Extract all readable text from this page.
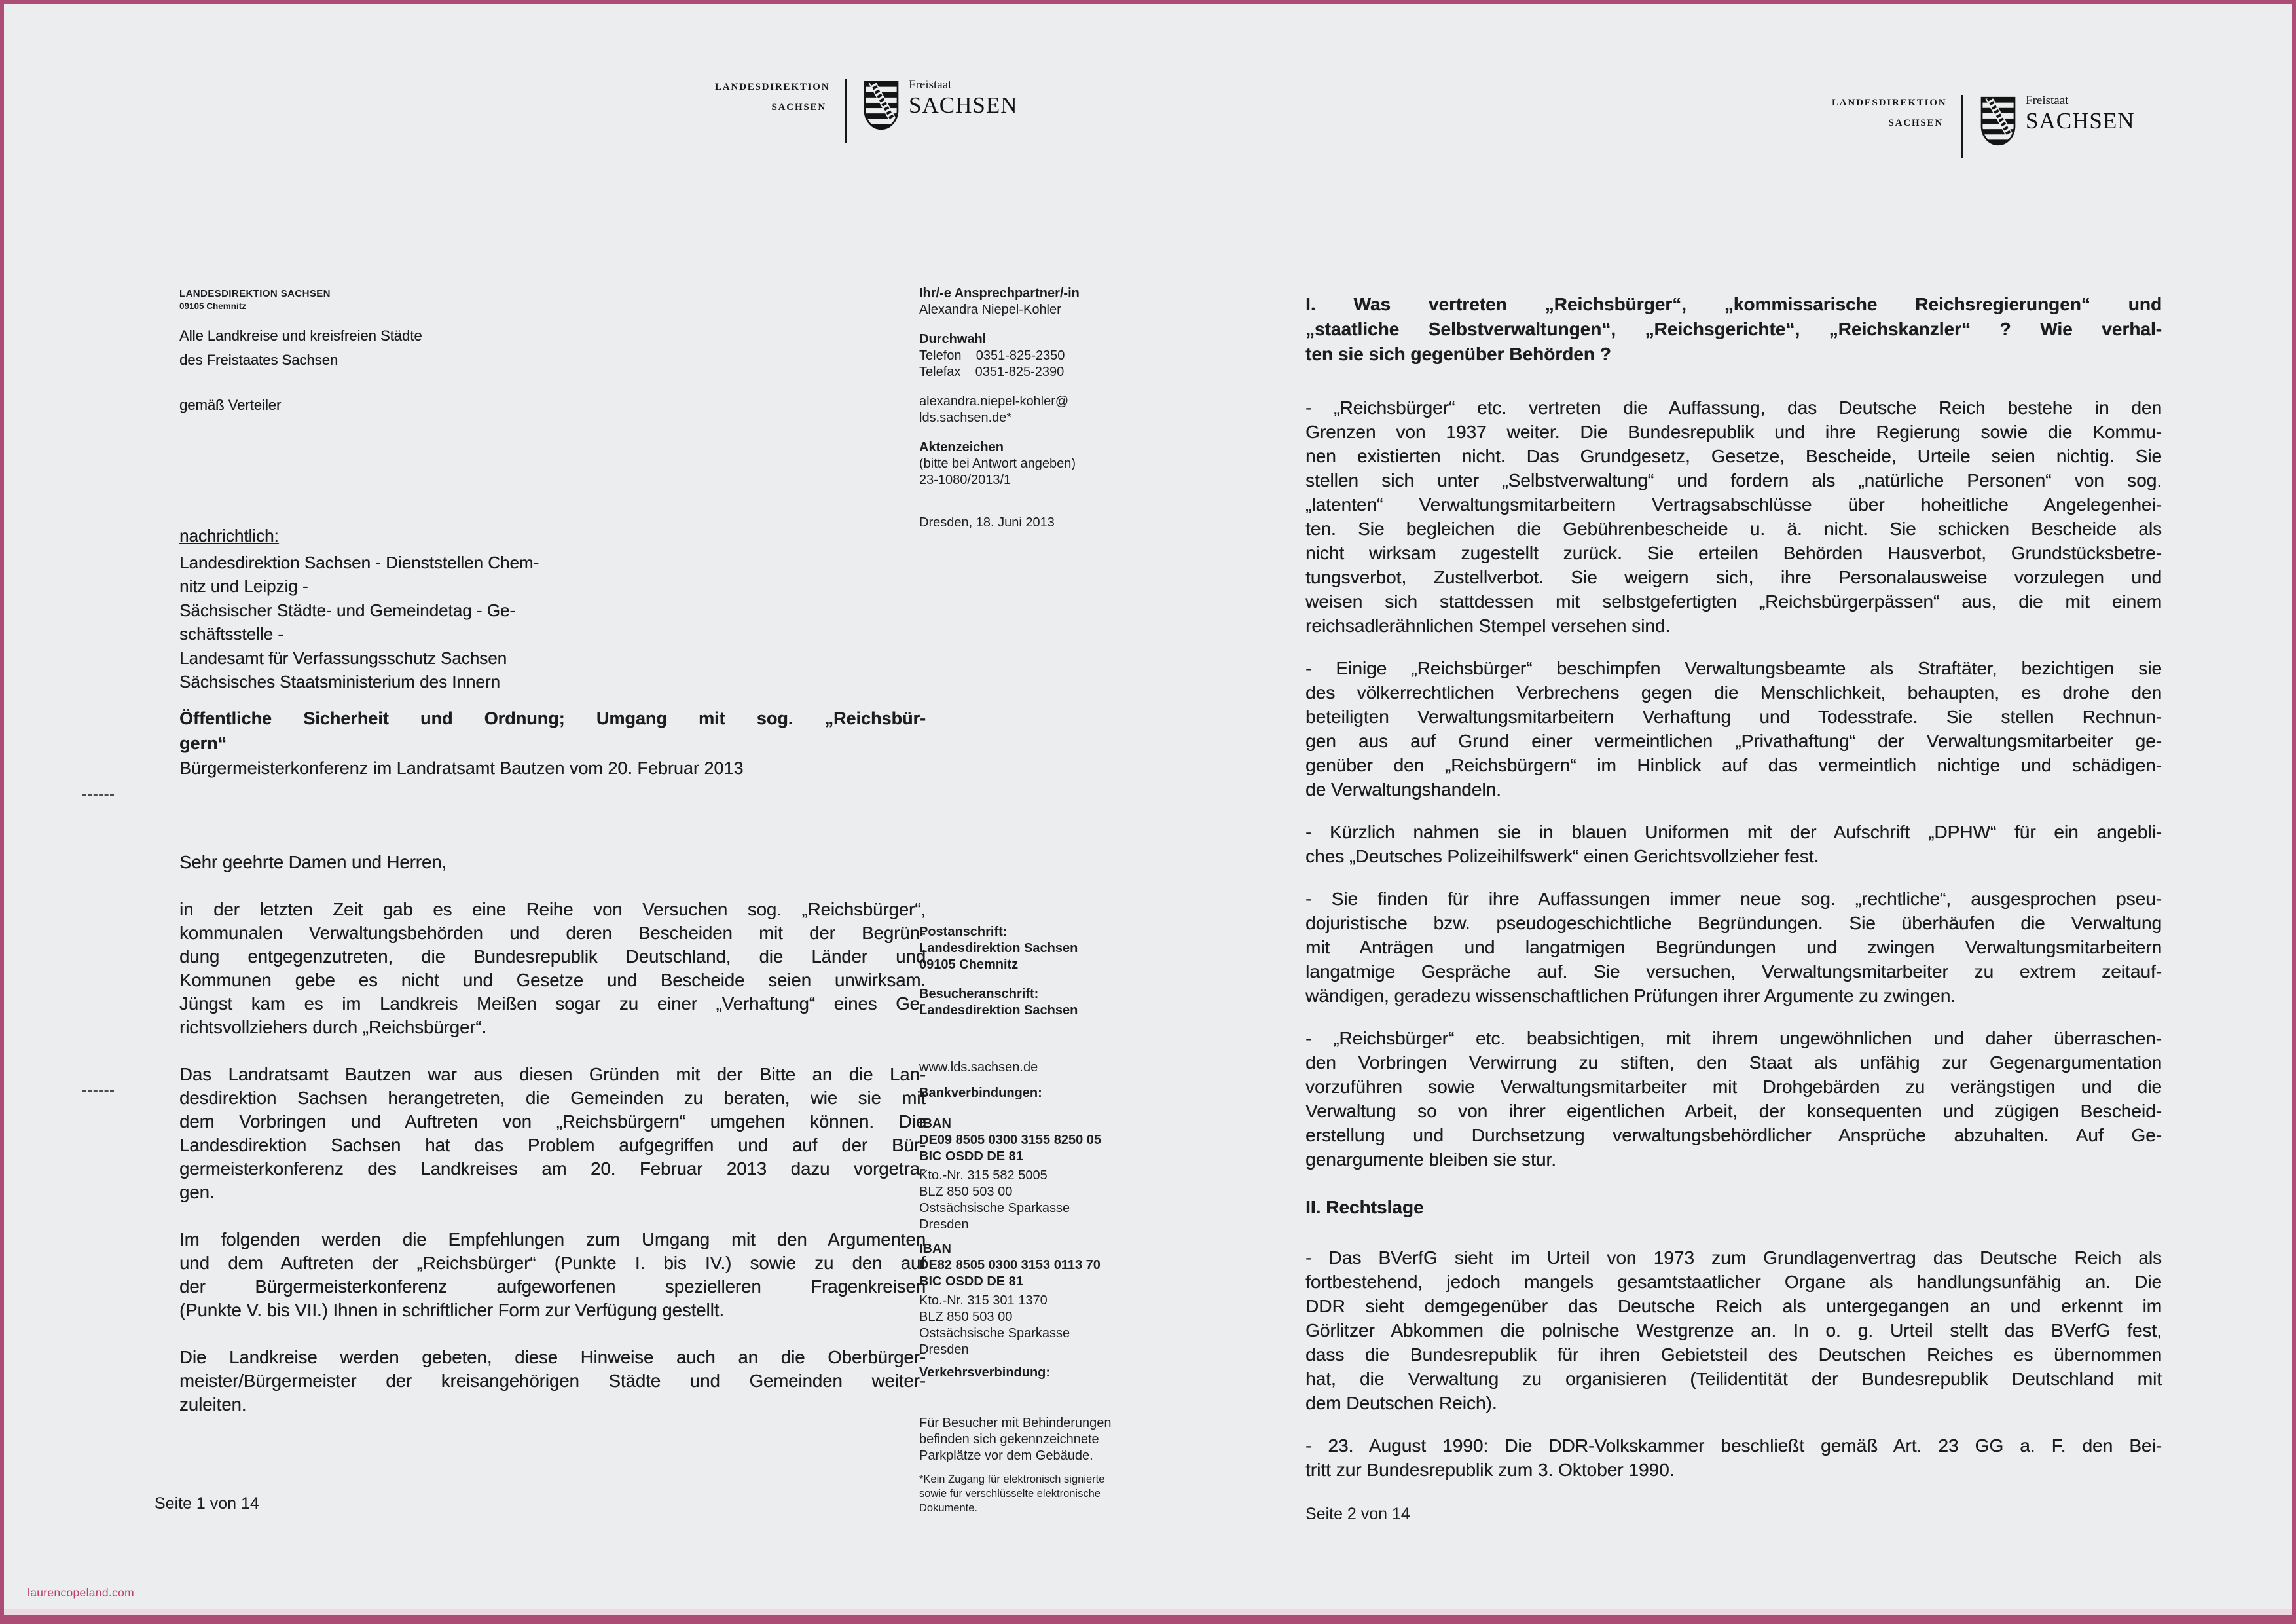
LANDESDIREKTION
SACHSEN
Freistaat
SACHSEN	LANDESDIREKTION
SACHSEN
Freistaat
SACHSEN
LANDESDIREKTION SACHSEN
09105 Chemnitz
Alle Landkreise und kreisfreien Städte
des Freistaates Sachsen
gemäß Verteiler
nachrichtlich:
Landesdirektion Sachsen - Dienststellen Chem-
nitz und Leipzig -
Sächsischer Städte- und Gemeindetag - Ge-
schäftsstelle -
Landesamt für Verfassungsschutz Sachsen
Sächsisches Staatsministerium des Innern
Öffentliche Sicherheit und Ordnung; Umgang mit sog. „Reichsbür-
gern“
Bürgermeisterkonferenz im Landratsamt Bautzen vom 20. Februar 2013
Sehr geehrte Damen und Herren,
in der letzten Zeit gab es eine Reihe von Versuchen sog. „Reichsbürger“,
kommunalen Verwaltungsbehörden und deren Bescheiden mit der Begrün-
dung entgegenzutreten, die Bundesrepublik Deutschland, die Länder und
Kommunen gebe es nicht und Gesetze und Bescheide seien unwirksam.
Jüngst kam es im Landkreis Meißen sogar zu einer „Verhaftung“ eines Ge-
richtsvollziehers durch „Reichsbürger“.
Das Landratsamt Bautzen war aus diesen Gründen mit der Bitte an die Lan-
desdirektion Sachsen herangetreten, die Gemeinden zu beraten, wie sie mit
dem Vorbringen und Auftreten von „Reichsbürgern“ umgehen können. Die
Landesdirektion Sachsen hat das Problem aufgegriffen und auf der Bür-
germeisterkonferenz des Landkreises am 20. Februar 2013 dazu vorgetra-
gen.
Im folgenden werden die Empfehlungen zum Umgang mit den Argumenten
und dem Auftreten der „Reichsbürger“ (Punkte I. bis IV.) sowie zu den auf
der Bürgermeisterkonferenz aufgeworfenen spezielleren Fragenkreisen
(Punkte V. bis VII.) Ihnen in schriftlicher Form zur Verfügung gestellt.
Die Landkreise werden gebeten, diese Hinweise auch an die Oberbürger-
meister/Bürgermeister der kreisangehörigen Städte und Gemeinden weiter-
zuleiten.
Seite 1 von 14
Ihr/-e Ansprechpartner/-in
Alexandra Niepel-Kohler
Durchwahl
Telefon    0351-825-2350
Telefax    0351-825-2390
alexandra.niepel-kohler@
lds.sachsen.de*
Aktenzeichen
(bitte bei Antwort angeben)
23-1080/2013/1
Dresden, 18. Juni 2013
Postanschrift:
Landesdirektion Sachsen
09105 Chemnitz
Besucheranschrift:
Landesdirektion Sachsen
www.lds.sachsen.de
Bankverbindungen:
IBAN
DE09 8505 0300 3155 8250 05
BIC OSDD DE 81
Kto.-Nr. 315 582 5005
BLZ 850 503 00
Ostsächsische Sparkasse
Dresden
IBAN
DE82 8505 0300 3153 0113 70
BIC OSDD DE 81
Kto.-Nr. 315 301 1370
BLZ 850 503 00
Ostsächsische Sparkasse
Dresden
Verkehrsverbindung:
Für Besucher mit Behinderungen
befinden sich gekennzeichnete
Parkplätze vor dem Gebäude.
*Kein Zugang für elektronisch signierte
sowie für verschlüsselte elektronische
Dokumente.
I. Was vertreten „Reichsbürger“, „kommissarische Reichsregierungen“ und
„staatliche Selbstverwaltungen“, „Reichsgerichte“, „Reichskanzler“ ? Wie verhal-
ten sie sich gegenüber Behörden ?
- „Reichsbürger“ etc. vertreten die Auffassung, das Deutsche Reich bestehe in den
Grenzen von 1937 weiter. Die Bundesrepublik und ihre Regierung sowie die Kommu-
nen existierten nicht. Das Grundgesetz, Gesetze, Bescheide, Urteile seien nichtig. Sie
stellen sich unter „Selbstverwaltung“ und fordern als „natürliche Personen“ von sog.
„latenten“ Verwaltungsmitarbeitern Vertragsabschlüsse über hoheitliche Angelegenhei-
ten. Sie begleichen die Gebührenbescheide u. ä. nicht. Sie schicken Bescheide als
nicht wirksam zugestellt zurück. Sie erteilen Behörden Hausverbot, Grundstücksbetre-
tungsverbot, Zustellverbot. Sie weigern sich, ihre Personalausweise vorzulegen und
weisen sich stattdessen mit selbstgefertigten „Reichsbürgerpässen“ aus, die mit einem
reichsadlerähnlichen Stempel versehen sind.
- Einige „Reichsbürger“ beschimpfen Verwaltungsbeamte als Straftäter, bezichtigen sie
des völkerrechtlichen Verbrechens gegen die Menschlichkeit, behaupten, es drohe den
beteiligten Verwaltungsmitarbeitern Verhaftung und Todesstrafe. Sie stellen Rechnun-
gen aus auf Grund einer vermeintlichen „Privathaftung“ der Verwaltungsmitarbeiter ge-
genüber den „Reichsbürgern“ im Hinblick auf das vermeintlich nichtige und schädigen-
de Verwaltungshandeln.
- Kürzlich nahmen sie in blauen Uniformen mit der Aufschrift „DPHW“ für ein angebli-
ches „Deutsches Polizeihilfswerk“ einen Gerichtsvollzieher fest.
- Sie finden für ihre Auffassungen immer neue sog. „rechtliche“, ausgesprochen pseu-
dojuristische bzw. pseudogeschichtliche Begründungen. Sie überhäufen die Verwaltung
mit Anträgen und langatmigen Begründungen und zwingen Verwaltungsmitarbeitern
langatmige Gespräche auf. Sie versuchen, Verwaltungsmitarbeiter zu extrem zeitauf-
wändigen, geradezu wissenschaftlichen Prüfungen ihrer Argumente zu zwingen.
- „Reichsbürger“ etc. beabsichtigen, mit ihrem ungewöhnlichen und daher überraschen-
den Vorbringen Verwirrung zu stiften, den Staat als unfähig zur Gegenargumentation
vorzuführen sowie Verwaltungsmitarbeiter mit Drohgebärden zu verängstigen und die
Verwaltung so von ihrer eigentlichen Arbeit, der konsequenten und zügigen Bescheid-
erstellung und Durchsetzung verwaltungsbehördlicher Ansprüche abzuhalten. Auf Ge-
genargumente bleiben sie stur.
II. Rechtslage
- Das BVerfG sieht im Urteil von 1973 zum Grundlagenvertrag das Deutsche Reich als
fortbestehend, jedoch mangels gesamtstaatlicher Organe als handlungsunfähig an. Die
DDR sieht demgegenüber das Deutsche Reich als untergegangen an und erkennt im
Görlitzer Abkommen die polnische Westgrenze an. In o. g. Urteil stellt das BVerfG fest,
dass die Bundesrepublik für ihren Gebietsteil des Deutschen Reiches es übernommen
hat, die Verwaltung zu organisieren (Teilidentität der Bundesrepublik Deutschland mit
dem Deutschen Reich).
- 23. August 1990: Die DDR-Volkskammer beschließt gemäß Art. 23 GG a. F. den Bei-
tritt zur Bundesrepublik zum 3. Oktober 1990.
Seite 2 von 14
laurencopeland.com
